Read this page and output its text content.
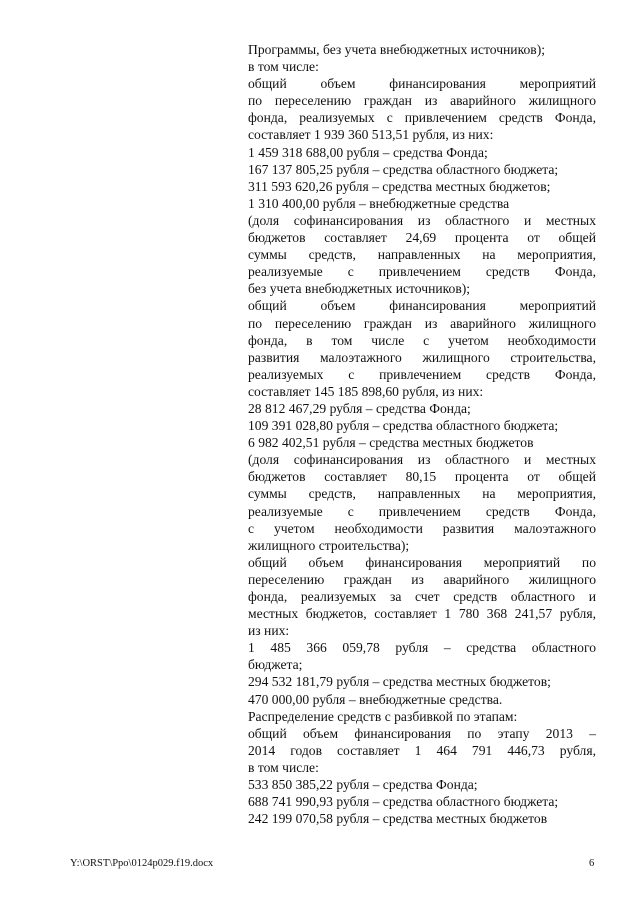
Программы, без учета внебюджетных источников);
в том числе:
общий объем финансирования мероприятий
по переселению граждан из аварийного жилищного
фонда, реализуемых с привлечением средств Фонда,
составляет 1 939 360 513,51 рубля, из них:
1 459 318 688,00 рубля – средства Фонда;
167 137 805,25 рубля – средства областного бюджета;
311 593 620,26 рубля – средства местных бюджетов;
1 310 400,00 рубля – внебюджетные средства
(доля софинансирования из областного и местных
бюджетов составляет 24,69 процента от общей
суммы средств, направленных на мероприятия,
реализуемые с привлечением средств Фонда,
без учета внебюджетных источников);
общий объем финансирования мероприятий
по переселению граждан из аварийного жилищного
фонда, в том числе с учетом необходимости
развития малоэтажного жилищного строительства,
реализуемых с привлечением средств Фонда,
составляет 145 185 898,60 рубля, из них:
28 812 467,29 рубля – средства Фонда;
109 391 028,80 рубля – средства областного бюджета;
6 982 402,51 рубля – средства местных бюджетов
(доля софинансирования из областного и местных
бюджетов составляет 80,15 процента от общей
суммы средств, направленных на мероприятия,
реализуемые с привлечением средств Фонда,
с учетом необходимости развития малоэтажного
жилищного строительства);
общий объем финансирования мероприятий по
переселению граждан из аварийного жилищного
фонда, реализуемых за счет средств областного и
местных бюджетов, составляет 1 780 368 241,57 рубля,
из них:
1 485 366 059,78 рубля – средства областного
бюджета;
294 532 181,79 рубля – средства местных бюджетов;
470 000,00 рубля – внебюджетные средства.
Распределение средств с разбивкой по этапам:
общий объем финансирования по этапу 2013 –
2014 годов составляет 1 464 791 446,73 рубля,
в том числе:
533 850 385,22 рубля – средства Фонда;
688 741 990,93 рубля – средства областного бюджета;
242 199 070,58 рубля – средства местных бюджетов
Y:\ORST\Ppo\0124p029.f19.docx	6
